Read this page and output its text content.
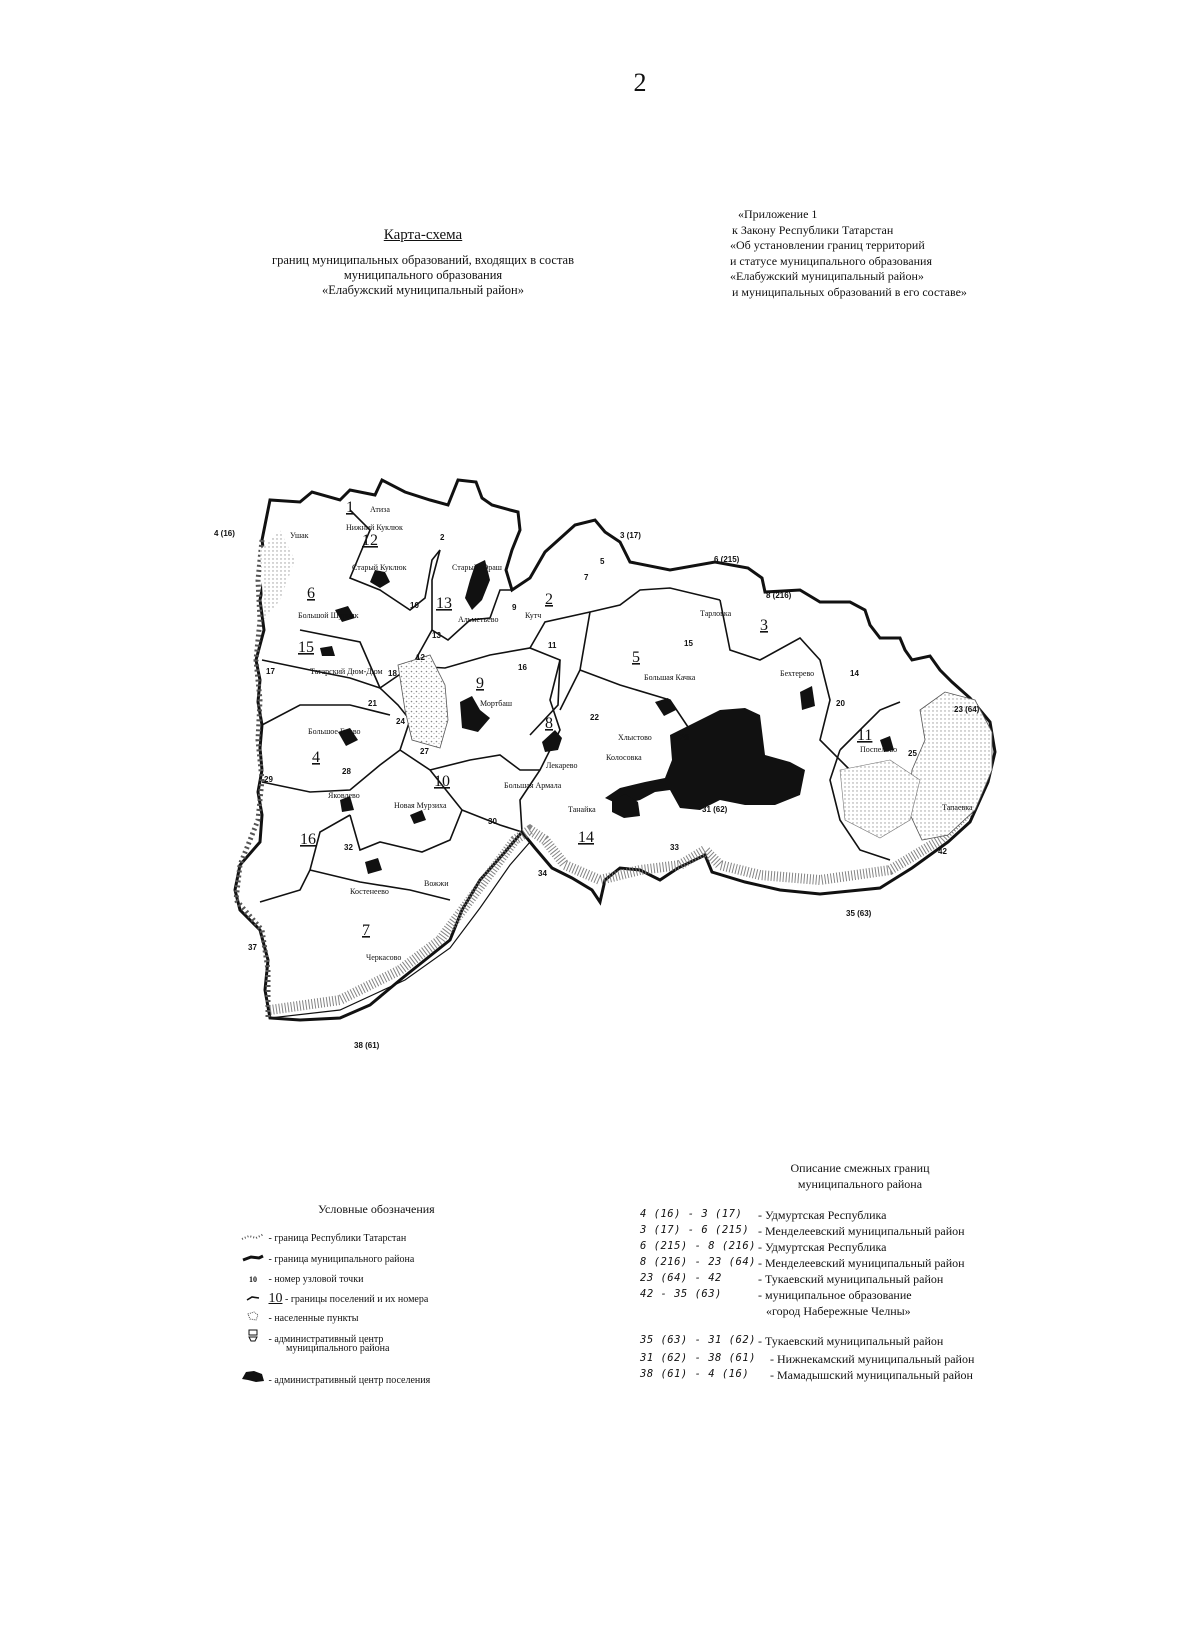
2
Карта-схема
границ муниципальных образований, входящих в состав
муниципального образования
«Елабужский муниципальный район»
«Приложение 1
к Закону Республики Татарстан
«Об установлении границ территорий
и статусе муниципального образования
«Елабужский муниципальный район»
и муниципальных образований в его составе»
1
2
3
4
5
6
7
8
9
10
11
12
13
14
15
16
4 (16)	3 (17)
6 (215)
8 (216)
23 (64)
31 (62)
35 (63)
38 (61)
42
25
14
20
15
11
16
22
26
33
34
30
32
37
29
28
27
24
21
18
17
13
12
10	9
7
5
2
Ушак
Нижний Куклюк
Атиза
Старый Куклюк	Старый Юраш
Альметьево	Кутч
Большой Шурняк
Татарский Дюм-Дюм
Мортбаш
Большое Елово
Яковлево
Новая Мурзиха
Лекарево
Тапаевка
Хлыстово
Колосовка
Большая Качка	Бехтерево
Поспелово
Тарловка
Костенеево
Черкасово
Большая Армала
Танайка
Вожжи
Условные обозначения
- граница Республики Татарстан
- граница муниципального района
10 - номер узловой точки
10 - границы поселений и их номера
- населенные пункты
- административный центр
муниципального района
- административный центр поселения
Описание смежных границ
муниципального района
4 (16) - 3 (17) - Удмуртская Республика
3 (17) - 6 (215) - Менделеевский муниципальный район
6 (215) - 8 (216) - Удмуртская Республика
8 (216) - 23 (64) - Менделеевский муниципальный район
23 (64) - 42	- Тукаевский муниципальный район
42 - 35 (63)	- муниципальное образование
«город Набережные Челны»
35 (63) - 31 (62) - Тукаевский муниципальный район
31 (62) - 38 (61) - Нижнекамский муниципальный район
38 (61) - 4 (16) - Мамадышский муниципальный район
